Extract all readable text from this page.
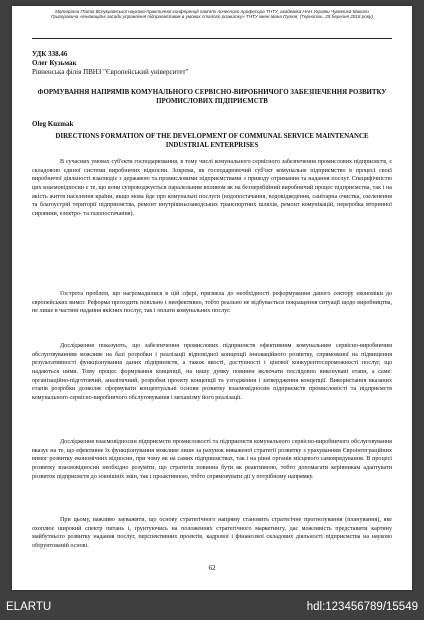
Матеріали ІТатої Всеукраїнської науково-практичної конференції пам'яті почесного професора ТНТУ, академіка НАН України Чумачика Миколи Григоровича «Інноваційні засади управління підприємством в умовах сталого розвитку» ТНТУ імені Івана Пулюя, (Тернопіль, 25 березня 2016 року)
УДК 338.46
Олег Кузьмак
Рівненська філія ПВНЗ "Європейський університет"
ФОРМУВАННЯ НАПРЯМІВ КОМУНАЛЬНОГО СЕРВІСНО-ВИРОБНИЧОГО ЗАБЕЗПЕЧЕННЯ РОЗВИТКУ ПРОМИСЛОВИХ ПІДПРИЄМСТВ
Oleg Kuzmak
DIRECTIONS FORMATION OF THE DEVELOPMENT OF COMMUNAL SERVICE MAINTENANCE INDUSTRIAL ENTERPRISES
В сучасних умовах суб'єкти господарювання, в тому числі комунального сервісного забезпечення промислових підприємств, є складовою єдиної системи виробничих відносин. Зокрема, як господарювочий суб'єкт комунальне підприємство в процесі своєї виробничої діяльності взаємодіє з державою та промисловими підприємствами з приводу отримання та надання послуг. Специфічністю цих взаємовідносин є те, що вони супроводжується паралельним впливом як на безперебійний виробничий процес підприємства, так і на якість життя населення країни, якщо мова йде про комунальні послуги (водопостачання, водовідведення, санітарна очистка, озеленення та благоустрій території підприємства, ремонт внутрішньозаводських транспортних шляхів, ремонт комунікацій, переробка вторинної сировини, електро- та газопостачання).
Гострота проблем, що нагромадилися в цій сфері, призвела до необхідності реформування даного сектору економіки до європейських вимог. Реформа проходить повільно і неефективно, тобто реально не відбувається покращення ситуації щодо виробництва, не лише в частині надання якісних послуг, так і оплати комунальних послуг.
Дослідження показують, що забезпечення промислових підприємств ефективним комунальним сервісно-виробничим обслуговуванням можливе на базі розробки і реалізації відповідної концепції інноваційного розвитку, спрямованої на підвищення результативності функціонування даних підприємств, а також якості, доступності і цінової конкурентоспроможності послуг, що надаються ними. Тому процес формування концепції, на нашу думку повинен включати послідовно виконувані етапи, а саме: організаційно-підготовчий, аналітичний, розробки проекту концепції та узгодження і затвердження концепції. Використання вказаних етапів розробки дозволяє сформувати концептуальні основи розвитку взаємовідносин підприємств промисловості та підприємств комунального сервісно-виробничого обслуговування і механізму його реалізації.
Дослідження взаємовідносин підприємств промисловості та підприємств комунального сервісно-виробничого обслуговування вказує на те, що ефективне їх функціонування можливе лише за рахунок виваженої стратегії розвитку з урахуванням Євроінтеграційних вимог розвитку економічних відносин, при чому як на самих підприємствах, так і на рівні органів місцевого самоврядування. В процесі розвитку взаємовідносин необхідно розуміти, що стратегія повинна бути як реактивною, тобто допомагати керівникам адаптувати розвиток підприємств до зовнішніх змін, так і проактивною, тобто спрямовувати дії у потрібному напрямку.
При цьому, важливо зауважити, що основу стратегічного напряму становить стратегічне прогнозування (планування), яке охоплює широкий спектр питань і, ґрунтуючись на положеннях стратегічного маркетингу, дає можливість представити картину майбутнього розвитку надання послуг, перспективних проектів, кадрової і фінансової складових діяльності підприємства на науково обґрунтованій основі.
62
ELARTU	hdl:123456789/15549
